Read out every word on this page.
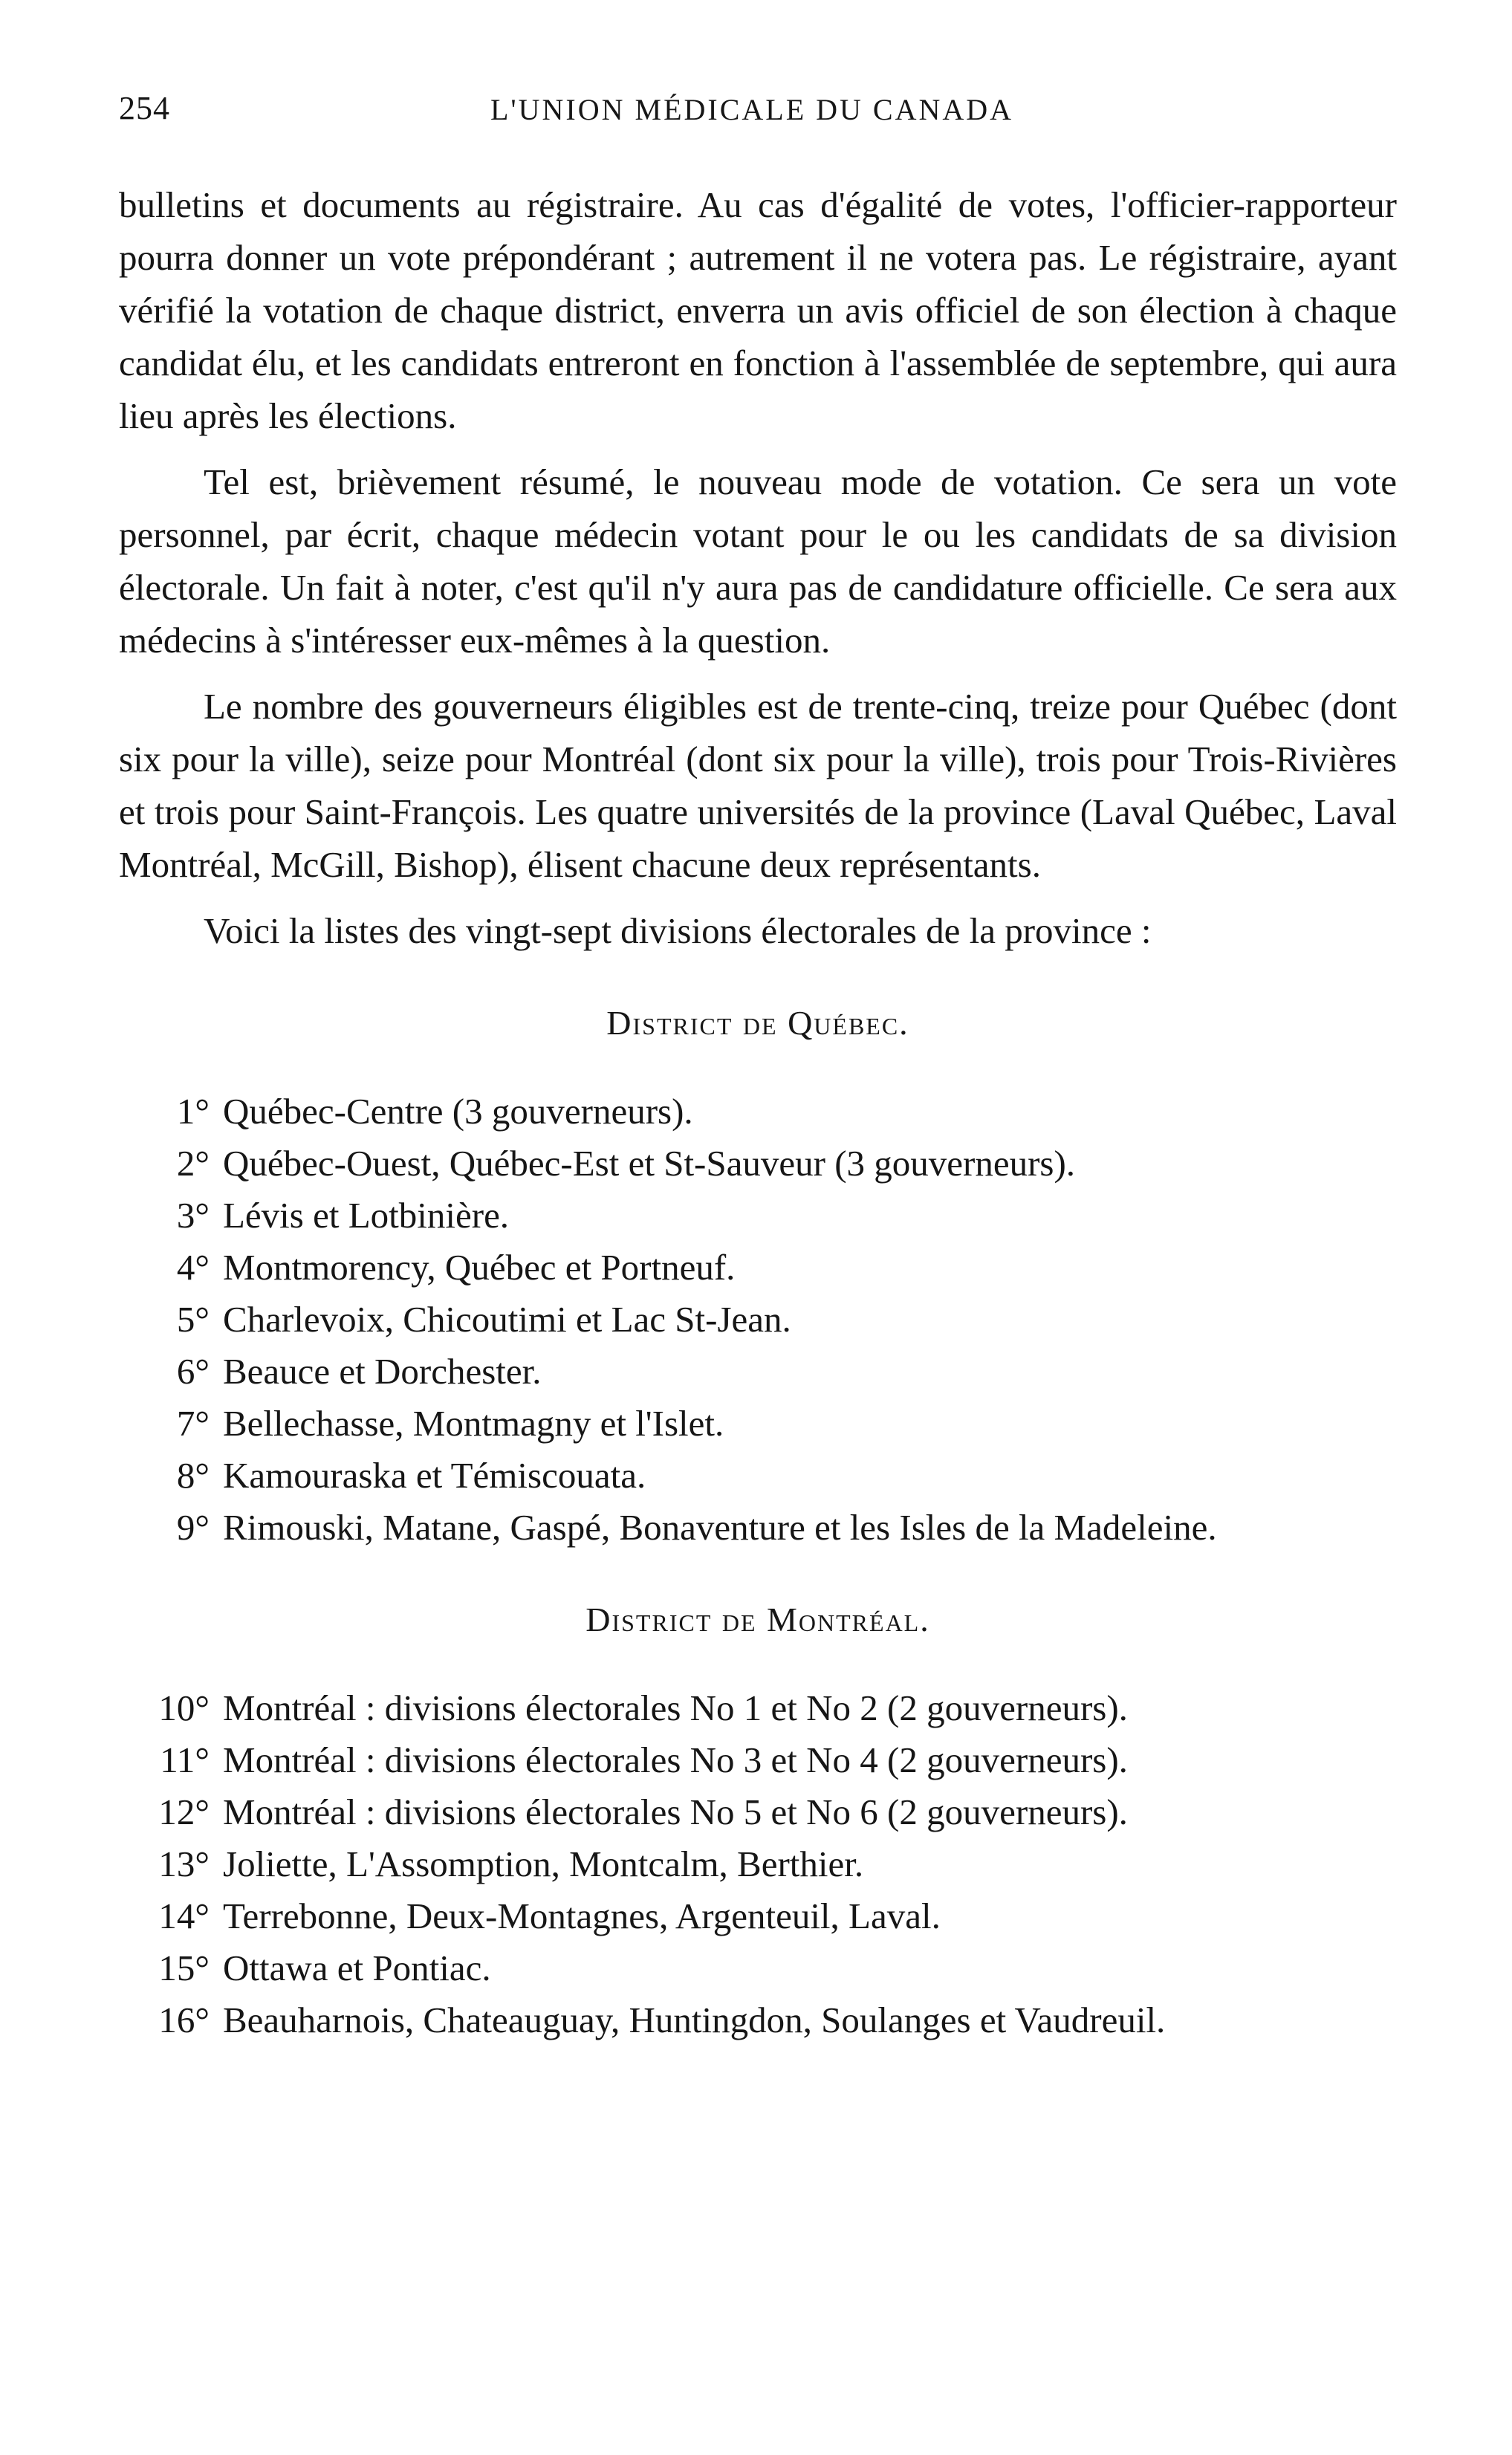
254	L'UNION MÉDICALE DU CANADA

bulletins et documents au régistraire. Au cas d'égalité de votes, l'officier-rapporteur pourra donner un vote prépondérant ; autrement il ne votera pas. Le régistraire, ayant vérifié la votation de chaque district, enverra un avis officiel de son élection à chaque candidat élu, et les candidats entreront en fonction à l'assemblée de septembre, qui aura lieu après les élections.

Tel est, brièvement résumé, le nouveau mode de votation. Ce sera un vote personnel, par écrit, chaque médecin votant pour le ou les candidats de sa division électorale. Un fait à noter, c'est qu'il n'y aura pas de candidature officielle. Ce sera aux médecins à s'intéresser eux-mêmes à la question.

Le nombre des gouverneurs éligibles est de trente-cinq, treize pour Québec (dont six pour la ville), seize pour Montréal (dont six pour la ville), trois pour Trois-Rivières et trois pour Saint-François. Les quatre universités de la province (Laval Québec, Laval Montréal, McGill, Bishop), élisent chacune deux représentants.

Voici la listes des vingt-sept divisions électorales de la province :

District de Québec.
1° Québec-Centre (3 gouverneurs).
2° Québec-Ouest, Québec-Est et St-Sauveur (3 gouverneurs).
3° Lévis et Lotbinière.
4° Montmorency, Québec et Portneuf.
5° Charlevoix, Chicoutimi et Lac St-Jean.
6° Beauce et Dorchester.
7° Bellechasse, Montmagny et l'Islet.
8° Kamouraska et Témiscouata.
9° Rimouski, Matane, Gaspé, Bonaventure et les Isles de la Madeleine.
District de Montréal.
10° Montréal : divisions électorales No 1 et No 2 (2 gouverneurs).
11° Montréal : divisions électorales No 3 et No 4 (2 gouverneurs).
12° Montréal : divisions électorales No 5 et No 6 (2 gouverneurs).
13° Joliette, L'Assomption, Montcalm, Berthier.
14° Terrebonne, Deux-Montagnes, Argenteuil, Laval.
15° Ottawa et Pontiac.
16° Beauharnois, Chateauguay, Huntingdon, Soulanges et Vaudreuil.
